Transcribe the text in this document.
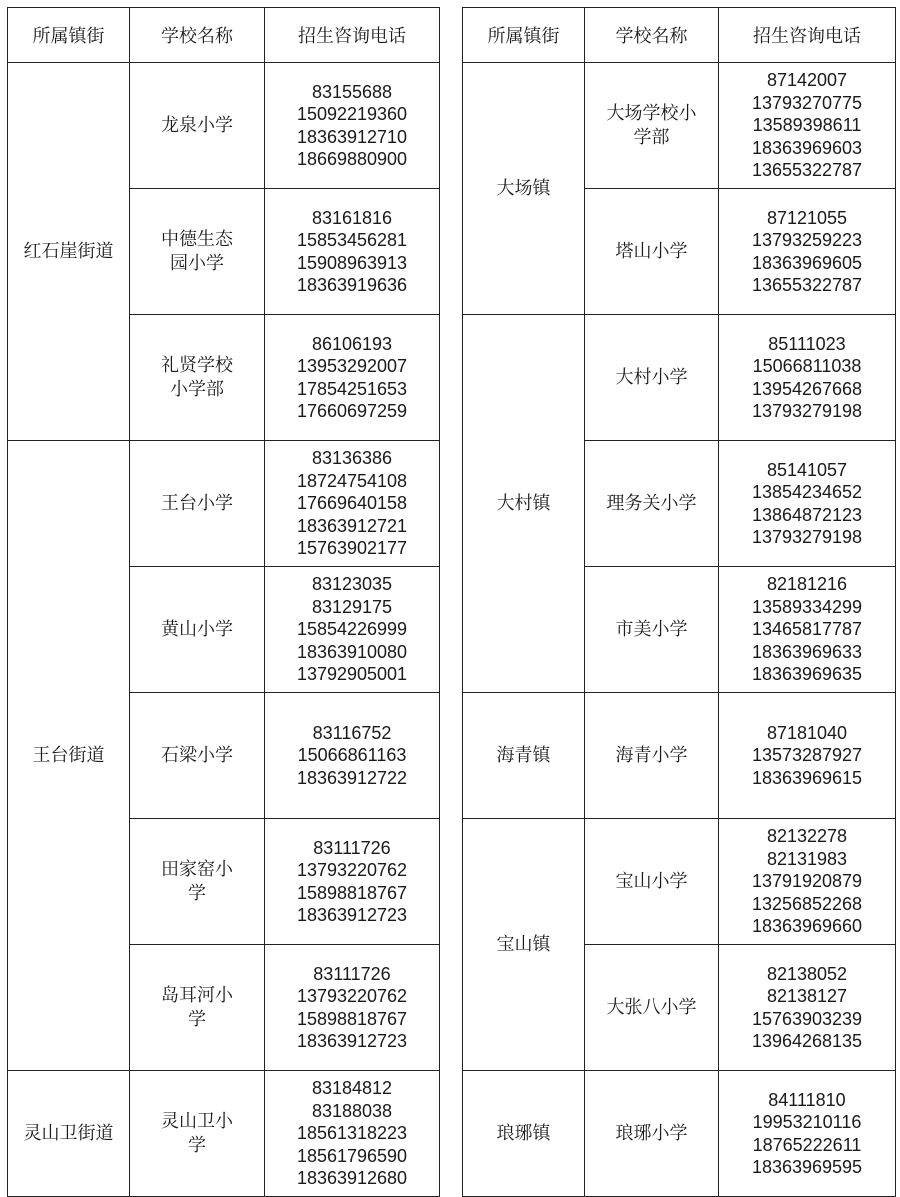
所属镇街	学校名称	招生咨询电话
红石崖街道	龙泉小学	83155688
15092219360
18363912710
18669880900

	中德生态园小学	83161816
15853456281
15908963913
18363919636

	礼贤学校小学部	86106193
13953292007
17854251653
17660697259

王台街道	王台小学	83136386
18724754108
17669640158
18363912721
15763902177

	黄山小学	83123035
83129175
15854226999
18363910080
13792905001

	石梁小学	83116752
15066861163
18363912722

	田家窑小学	83111726
13793220762
15898818767
18363912723

	岛耳河小学	83111726
13793220762
15898818767
18363912723

灵山卫街道	灵山卫小学	83184812
83188038
18561318223
18561796590
18363912680
所属镇街	学校名称	招生咨询电话
大场镇	大场学校小学部	87142007
13793270775
13589398611
18363969603
13655322787

	塔山小学	87121055
13793259223
18363969605
13655322787

大村镇	大村小学	85111023
15066811038
13954267668
13793279198

	理务关小学	85141057
13854234652
13864872123
13793279198

	市美小学	82181216
13589334299
13465817787
18363969633
18363969635

海青镇	海青小学	87181040
13573287927
18363969615

宝山镇	宝山小学	82132278
82131983
13791920879
13256852268
18363969660

	大张八小学	82138052
82138127
15763903239
13964268135

琅琊镇	琅琊小学	84111810
19953210116
18765222611
18363969595
